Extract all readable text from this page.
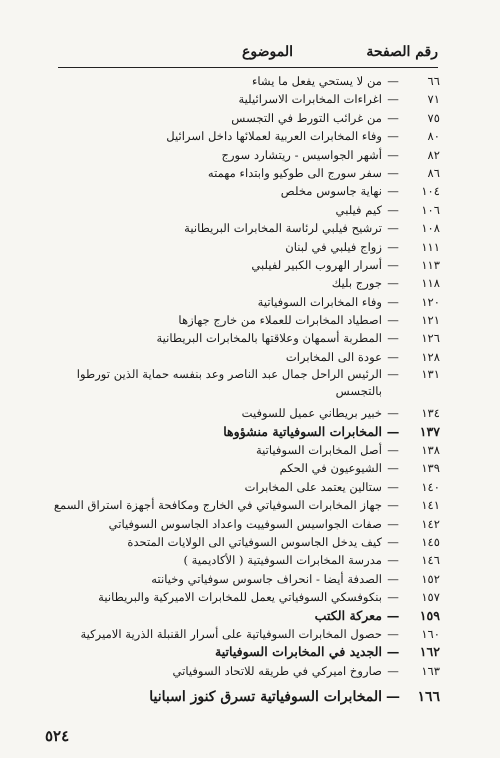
رقم الصفحة
الموضوع
٦٦
—
من لا يستحي يفعل ما يشاء
٧١
—
اغراءات المخابرات الاسرائيلية
٧٥
—
من غرائب التورط في التجسس
٨٠
—
وفاء المخابرات العربية لعملائها داخل اسرائيل
٨٢
—
أشهر الجواسيس - ريتشارد سورج
٨٦
—
سفر سورج الى طوكيو وابتداء مهمته
١٠٤
—
نهاية جاسوس مخلص
١٠٦
—
كيم فيلبي
١٠٨
—
ترشيح فيلبي لرئاسة المخابرات البريطانية
١١١
—
زواج فيلبي في لبنان
١١٣
—
أسرار الهروب الكبير لفيلبي
١١٨
—
جورج بليك
١٢٠
—
وفاء المخابرات السوفياتية
١٢١
—
اصطياد المخابرات للعملاء من خارج جهازها
١٢٦
—
المطربة أسمهان وعلاقتها بالمخابرات البريطانية
١٢٨
—
عودة الى المخابرات
١٣١
—
الرئيس الراحل جمال عبد الناصر وعد بنفسه حماية الذين تورطوا بالتجسس
١٣٤
—
خبير بريطاني عميل للسوفيت
١٣٧
—
المخابرات السوفياتية منشؤوها
١٣٨
—
أصل المخابرات السوفياتية
١٣٩
—
الشيوعيون في الحكم
١٤٠
—
ستالين يعتمد على المخابرات
١٤١
—
جهاز المخابرات السوفياتي في الخارج ومكافحة أجهزة استراق السمع
١٤٢
—
صفات الجواسيس السوفييت واعداد الجاسوس السوفياتي
١٤٥
—
كيف يدخل الجاسوس السوفياتي الى الولايات المتحدة
١٤٦
—
مدرسة المخابرات السوفيتية ( الأكاديمية )
١٥٢
—
الصدفة أيضا - انحراف جاسوس سوفياتي وخيانته
١٥٧
—
بنكوفسكي السوفياتي يعمل للمخابرات الاميركية والبريطانية
١٥٩
—
معركة الكتب
١٦٠
—
حصول المخابرات السوفياتية على أسرار القنبلة الذرية الاميركية
١٦٢
—
الجديد في المخابرات السوفياتية
١٦٣
—
صاروخ اميركي في طريقه للاتحاد السوفياتي
١٦٦
—
المخابرات السوفياتية تسرق كنوز اسبانيا
٥٢٤
